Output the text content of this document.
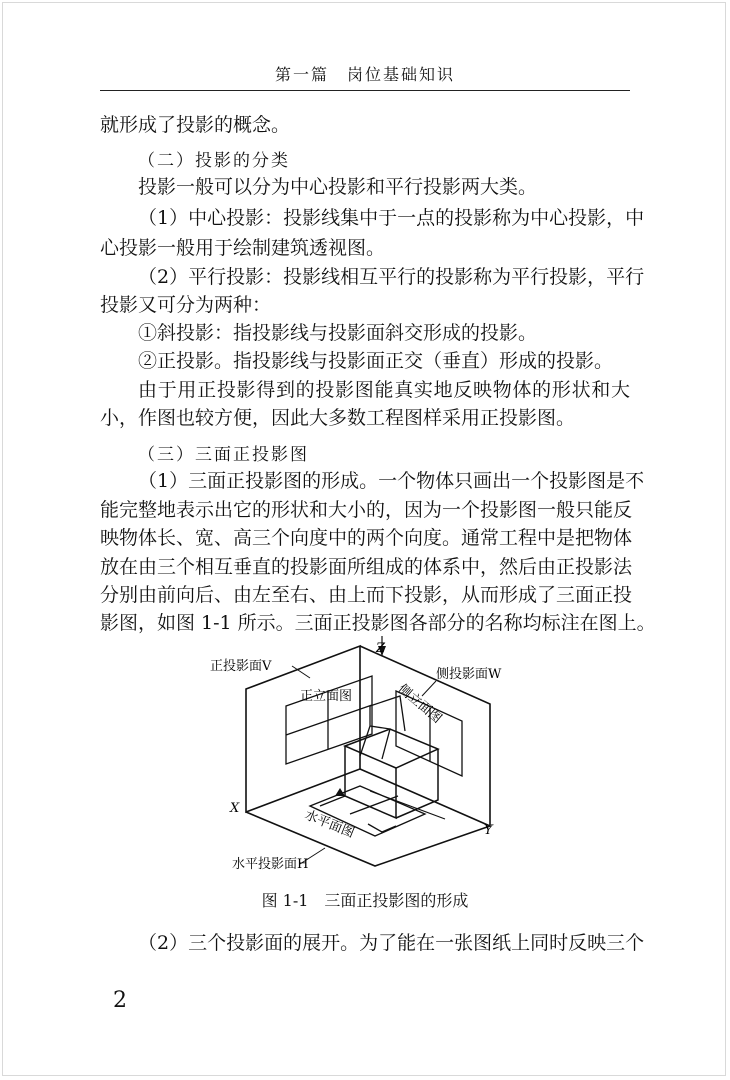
第一篇　岗位基础知识
就形成了投影的概念。
（二）投影的分类
投影一般可以分为中心投影和平行投影两大类。
（1）中心投影：投影线集中于一点的投影称为中心投影，中
心投影一般用于绘制建筑透视图。
（2）平行投影：投影线相互平行的投影称为平行投影，平行
投影又可分为两种：
①斜投影：指投影线与投影面斜交形成的投影。
②正投影。指投影线与投影面正交（垂直）形成的投影。
由于用正投影得到的投影图能真实地反映物体的形状和大
小，作图也较方便，因此大多数工程图样采用正投影图。
（三）三面正投影图
（1）三面正投影图的形成。一个物体只画出一个投影图是不
能完整地表示出它的形状和大小的，因为一个投影图一般只能反
映物体长、宽、高三个向度中的两个向度。通常工程中是把物体
放在由三个相互垂直的投影面所组成的体系中，然后由正投影法
分别由前向后、由左至右、由上而下投影，从而形成了三面正投
影图，如图 1-1 所示。三面正投影图各部分的名称均标注在图上。
正投影面V
侧投影面W
水平投影面H
正立面图	侧立面图
水平面图
X
Y
Z
图 1-1　三面正投影图的形成
（2）三个投影面的展开。为了能在一张图纸上同时反映三个
2
